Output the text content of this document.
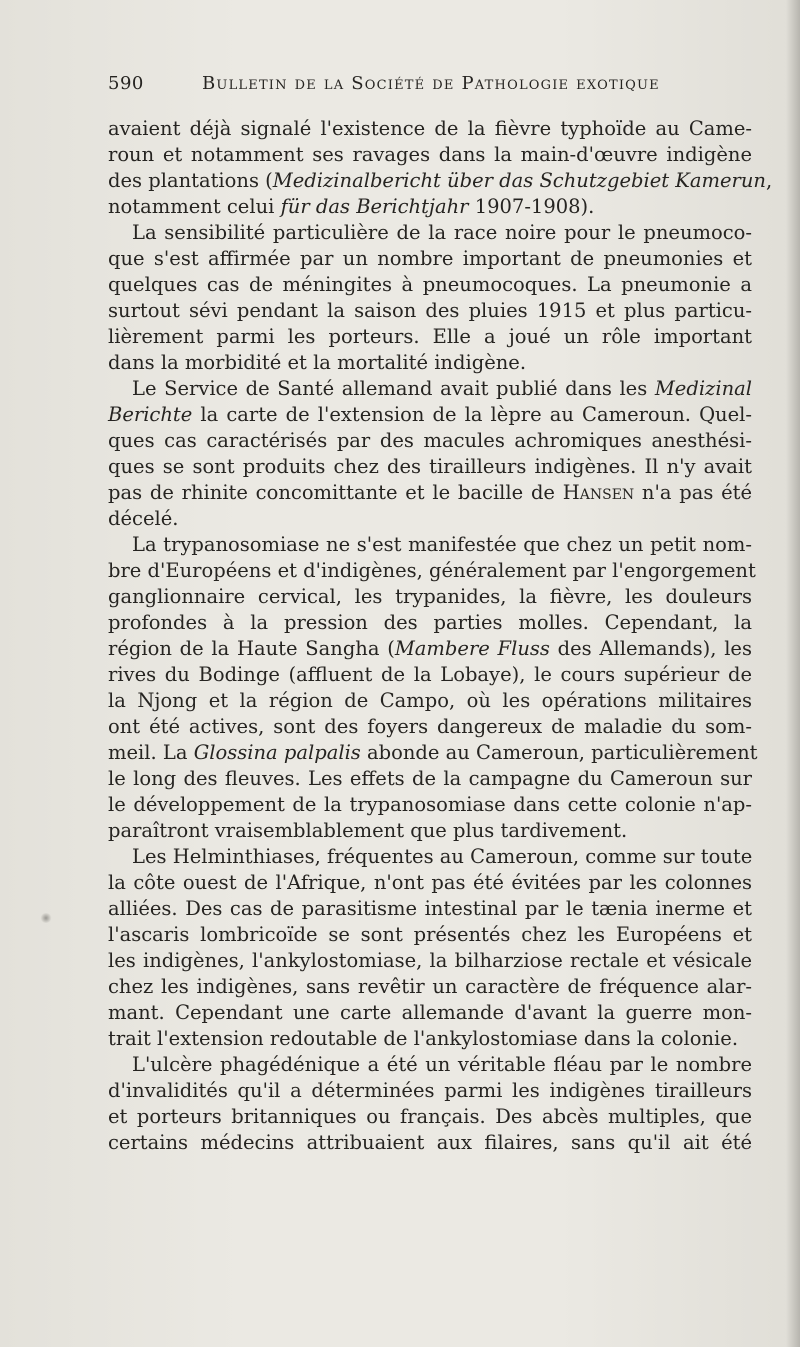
590	Bulletin de la Société de Pathologie exotique
avaient déjà signalé l'existence de la fièvre typhoïde au Came-
roun et notamment ses ravages dans la main-d'œuvre indigène
des plantations (Medizinalbericht über das Schutzgebiet Kamerun,
notamment celui für das Berichtjahr 1907-1908).
La sensibilité particulière de la race noire pour le pneumoco-
que s'est affirmée par un nombre important de pneumonies et
quelques cas de méningites à pneumocoques. La pneumonie a
surtout sévi pendant la saison des pluies 1915 et plus particu-
lièrement parmi les porteurs. Elle a joué un rôle important
dans la morbidité et la mortalité indigène.
Le Service de Santé allemand avait publié dans les Medizinal
Berichte la carte de l'extension de la lèpre au Cameroun. Quel-
ques cas caractérisés par des macules achromiques anesthési-
ques se sont produits chez des tirailleurs indigènes. Il n'y avait
pas de rhinite concomittante et le bacille de Hansen n'a pas été
décelé.
La trypanosomiase ne s'est manifestée que chez un petit nom-
bre d'Européens et d'indigènes, généralement par l'engorgement
ganglionnaire cervical, les trypanides, la fièvre, les douleurs
profondes à la pression des parties molles. Cependant, la
région de la Haute Sangha (Mambere Fluss des Allemands), les
rives du Bodinge (affluent de la Lobaye), le cours supérieur de
la Njong et la région de Campo, où les opérations militaires
ont été actives, sont des foyers dangereux de maladie du som-
meil. La Glossina palpalis abonde au Cameroun, particulièrement
le long des fleuves. Les effets de la campagne du Cameroun sur
le développement de la trypanosomiase dans cette colonie n'ap-
paraîtront vraisemblablement que plus tardivement.
Les Helminthiases, fréquentes au Cameroun, comme sur toute
la côte ouest de l'Afrique, n'ont pas été évitées par les colonnes
alliées. Des cas de parasitisme intestinal par le tænia inerme et
l'ascaris lombricoïde se sont présentés chez les Européens et
les indigènes, l'ankylostomiase, la bilharziose rectale et vésicale
chez les indigènes, sans revêtir un caractère de fréquence alar-
mant. Cependant une carte allemande d'avant la guerre mon-
trait l'extension redoutable de l'ankylostomiase dans la colonie.
L'ulcère phagédénique a été un véritable fléau par le nombre
d'invalidités qu'il a déterminées parmi les indigènes tirailleurs
et porteurs britanniques ou français. Des abcès multiples, que
certains médecins attribuaient aux filaires, sans qu'il ait été
